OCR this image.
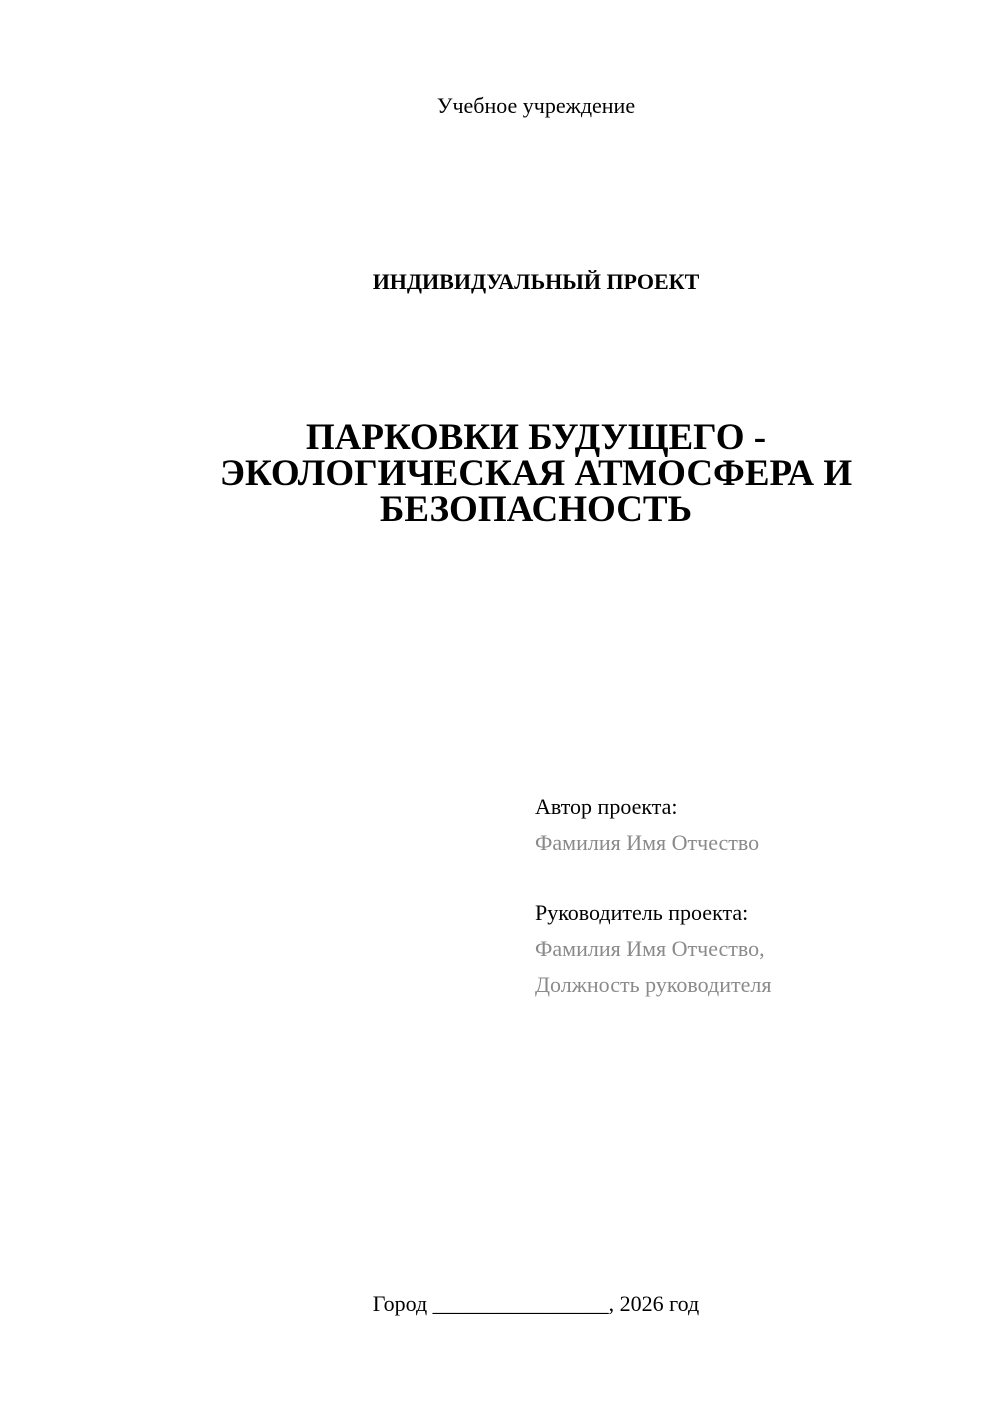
Учебное учреждение
ИНДИВИДУАЛЬНЫЙ ПРОЕКТ
ПАРКОВКИ БУДУЩЕГО -
ЭКОЛОГИЧЕСКАЯ АТМОСФЕРА И
БЕЗОПАСНОСТЬ
Автор проекта:
Фамилия Имя Отчество
Руководитель проекта:
Фамилия Имя Отчество,
Должность руководителя
Город ________________, 2026 год
